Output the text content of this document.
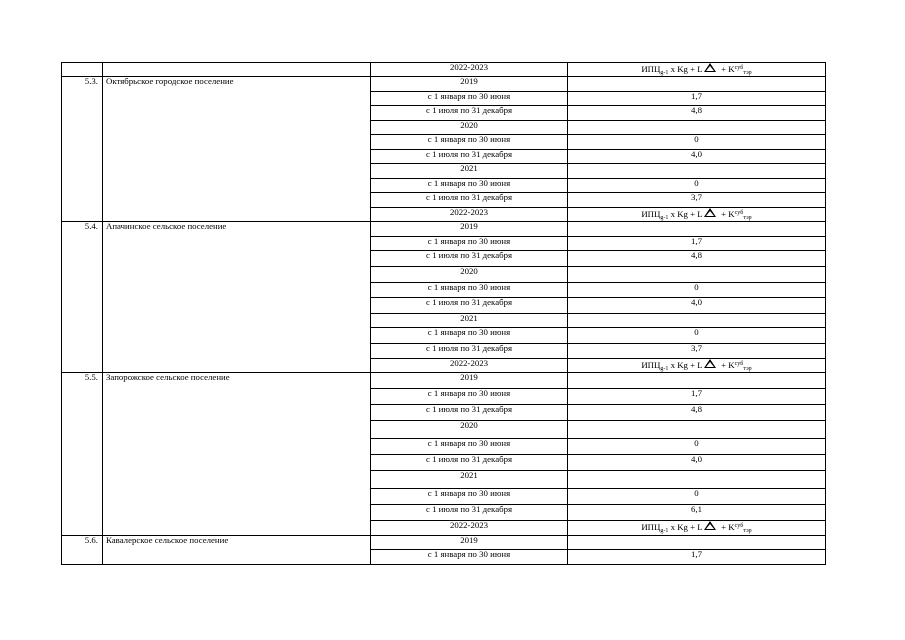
		2022-2023	$ИПЦ_{g-1}$ x $Kg + L + K^{сyб}_{тэр}$
5.3.	Октябрьское городское поселение	2019	
		с 1 января по 30 июня	1,7
		с 1 июля по 31 декабря	4,8
		2020	
		с 1 января по 30 июня	0
		с 1 июля по 31 декабря	4,0
		2021	
		с 1 января по 30 июня	0
		с 1 июля по 31 декабря	3,7
		2022-2023	$ИПЦ_{g-1}$ x $Kg + L + K^{сyб}_{тэр}$
5.4.	Апачинское сельское поселение	2019	
		с 1 января по 30 июня	1,7
		с 1 июля по 31 декабря	4,8
		2020	
		с 1 января по 30 июня	0
		с 1 июля по 31 декабря	4,0
		2021	
		с 1 января по 30 июня	0
		с 1 июля по 31 декабря	3,7
		2022-2023	$ИПЦ_{g-1}$ x $Kg + L + K^{сyб}_{тэр}$
5.5.	Запорожское сельское поселение	2019	
		с 1 января по 30 июня	1,7
		с 1 июля по 31 декабря	4,8
		2020	
		с 1 января по 30 июня	0
		с 1 июля по 31 декабря	4,0
		2021	
		с 1 января по 30 июня	0
		с 1 июля по 31 декабря	6,1
		2022-2023	$ИПЦ_{g-1}$ x $Kg + L + K^{сyб}_{тэр}$
5.6.	Кавалерское сельское поселение	2019	
		с 1 января по 30 июня	1,7
